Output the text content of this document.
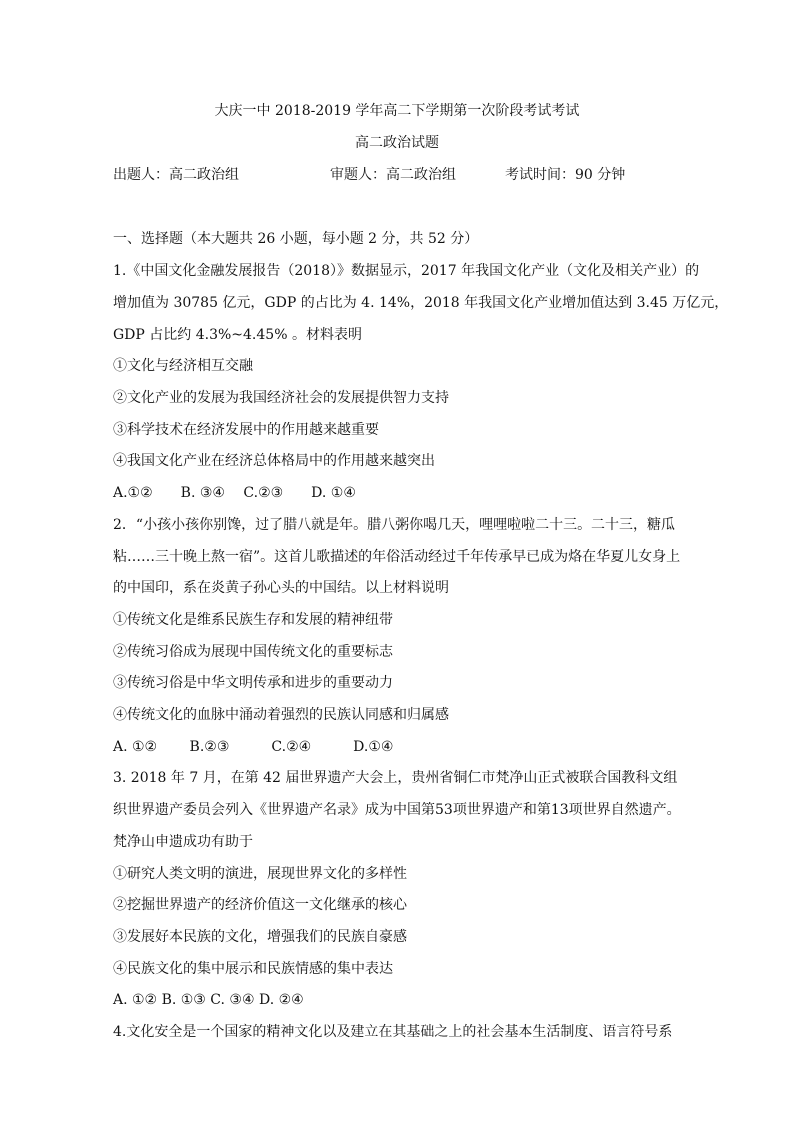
大庆一中 2018-2019 学年高二下学期第一次阶段考试考试
高二政治试题
出题人：高二政治组	审题人：高二政治组	考试时间：90 分钟
一、选择题（本大题共 26 小题，每小题 2 分，共 52 分）
1.《中国文化金融发展报告（2018）》数据显示，2017 年我国文化产业（文化及相关产业）的
增加值为 30785 亿元，GDP 的占比为 4. 14%，2018 年我国文化产业增加值达到 3.45 万亿元，
GDP 占比约 4.3%~4.45% 。材料表明
①文化与经济相互交融
②文化产业的发展为我国经济社会的发展提供智力支持
③科学技术在经济发展中的作用越来越重要
④我国文化产业在经济总体格局中的作用越来越突出
A.①②　　B. ③④　 C.②③　　D. ①④
2．“小孩小孩你别馋，过了腊八就是年。腊八粥你喝几天，哩哩啦啦二十三。二十三，糖瓜
粘……三十晚上熬一宿”。这首儿歌描述的年俗活动经过千年传承早已成为烙在华夏儿女身上
的中国印，系在炎黄子孙心头的中国结。以上材料说明
①传统文化是维系民族生存和发展的精神纽带
②传统习俗成为展现中国传统文化的重要标志
③传统习俗是中华文明传承和进步的重要动力
④传统文化的血脉中涌动着强烈的民族认同感和归属感
A. ①②　　 B.②③　　　C.②④　　　D.①④
3. 2018 年 7 月，在第 42 届世界遗产大会上，贵州省铜仁市梵净山正式被联合国教科文组
织世界遗产委员会列入《世界遗产名录》成为中国第53项世界遗产和第13项世界自然遗产。
梵净山申遗成功有助于
①研究人类文明的演进，展现世界文化的多样性
②挖掘世界遗产的经济价值这一文化继承的核心
③发展好本民族的文化，增强我们的民族自豪感
④民族文化的集中展示和民族情感的集中表达
A. ①② B. ①③ C. ③④ D. ②④
4.文化安全是一个国家的精神文化以及建立在其基础之上的社会基本生活制度、语言符号系
